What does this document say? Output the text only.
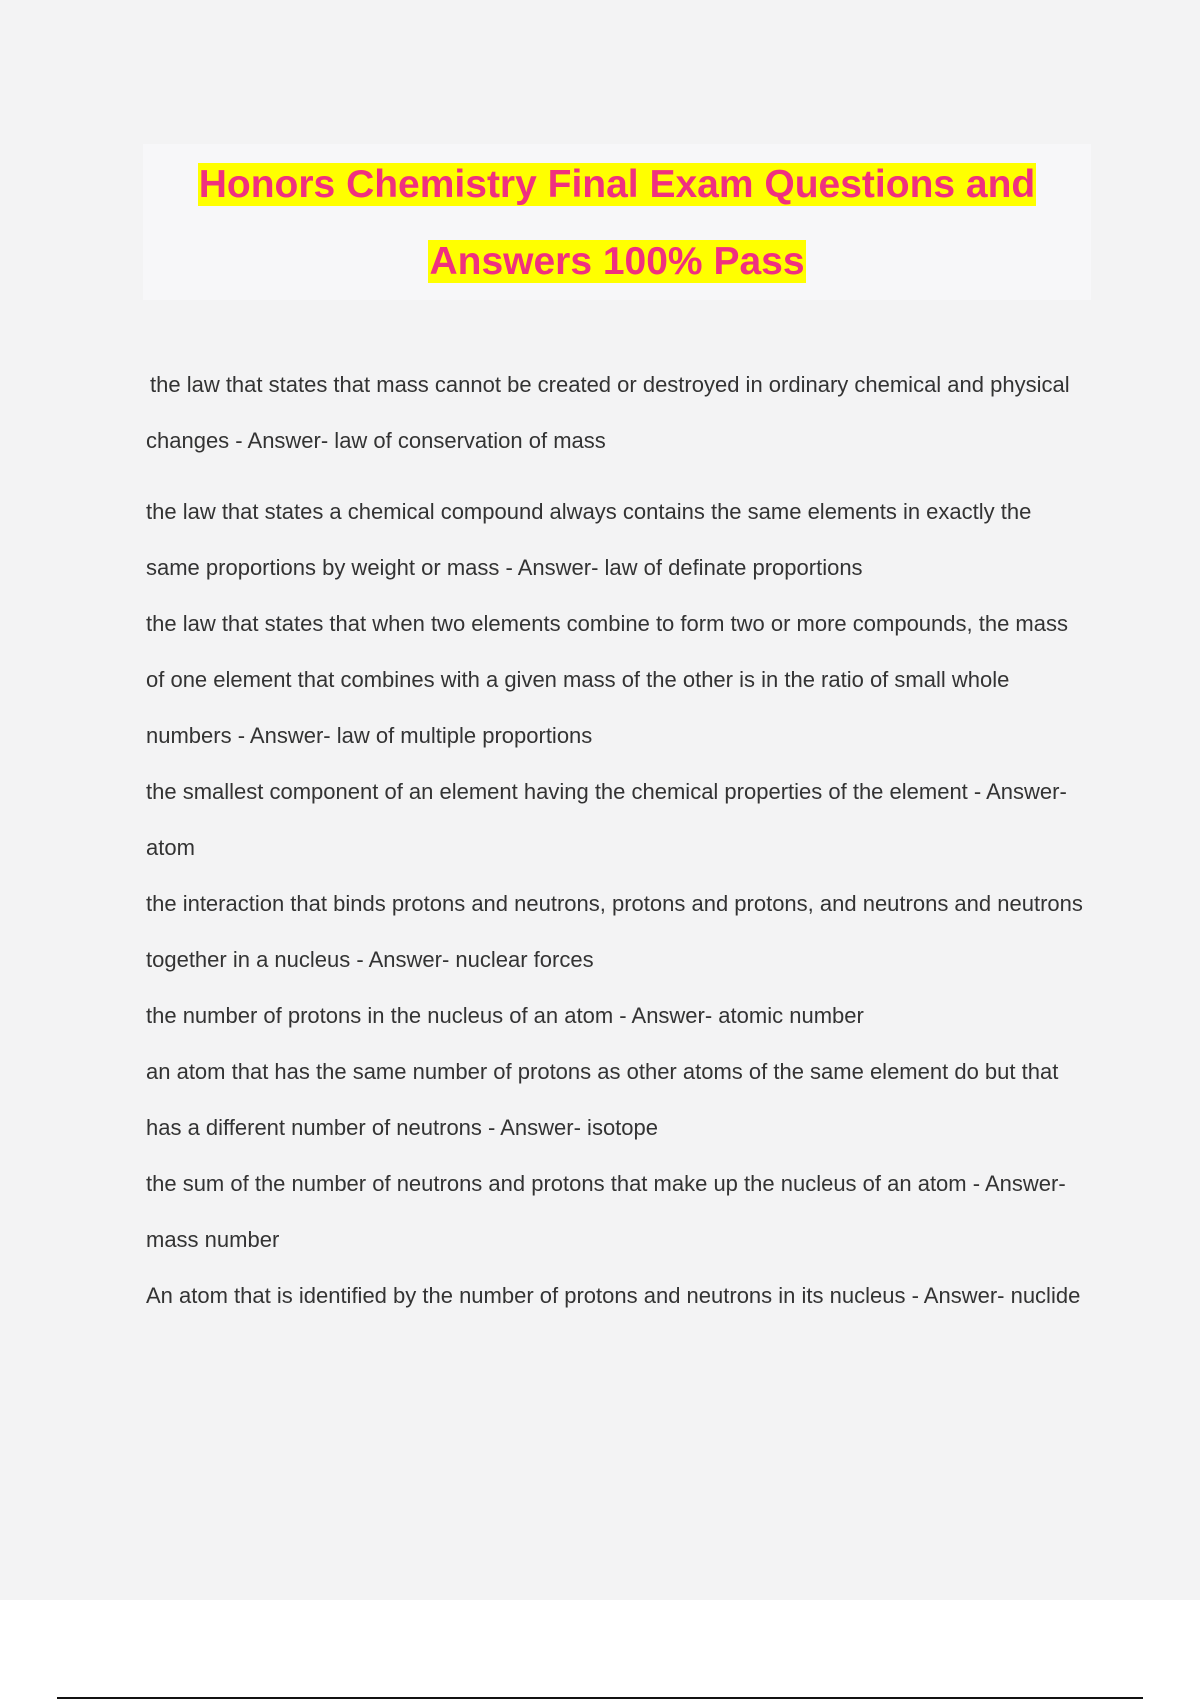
Honors Chemistry Final Exam Questions and
Answers 100% Pass

the law that states that mass cannot be created or destroyed in ordinary chemical and physical changes - Answer- law of conservation of mass

the law that states a chemical compound always contains the same elements in exactly the same proportions by weight or mass - Answer- law of definate proportions

the law that states that when two elements combine to form two or more compounds, the mass of one element that combines with a given mass of the other is in the ratio of small whole numbers - Answer- law of multiple proportions

the smallest component of an element having the chemical properties of the element - Answer- atom

the interaction that binds protons and neutrons, protons and protons, and neutrons and neutrons together in a nucleus - Answer- nuclear forces

the number of protons in the nucleus of an atom - Answer- atomic number

an atom that has the same number of protons as other atoms of the same element do but that has a different number of neutrons - Answer- isotope

the sum of the number of neutrons and protons that make up the nucleus of an atom - Answer- mass number

An atom that is identified by the number of protons and neutrons in its nucleus - Answer- nuclide
